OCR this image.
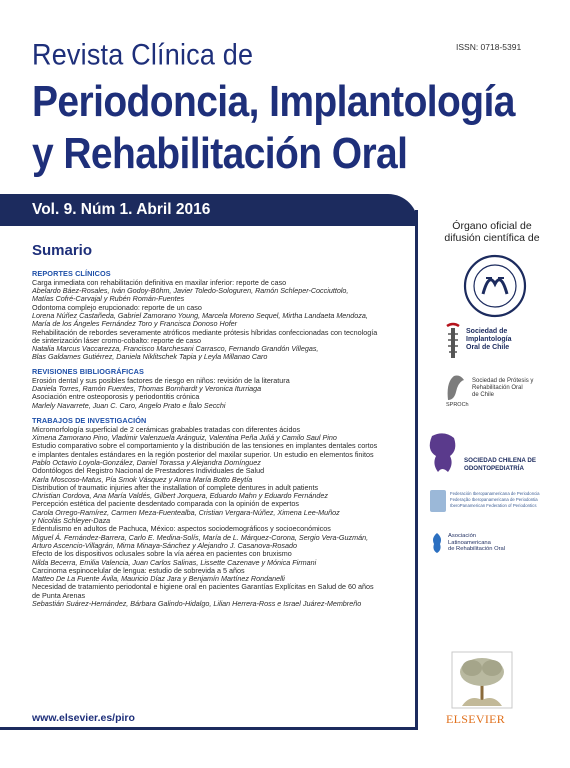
ISSN: 0718-5391
Revista Clínica de
Periodoncia, Implantología
y Rehabilitación Oral
Vol. 9. Núm 1. Abril 2016
Sumario
REPORTES CLÍNICOS
Carga inmediata con rehabilitación definitiva en maxilar inferior: reporte de caso
Abelardo Báez-Rosales, Iván Godoy-Böhm, Javier Toledo-Sologuren, Ramón Schleper-Cocciuttolo,
Matías Cofré-Carvajal y Rubén Román-Fuentes
Odontoma complejo erupcionado: reporte de un caso
Lorena Núñez Castañeda, Gabriel Zamorano Young, Marcela Moreno Sequel, Mirtha Landaeta Mendoza,
María de los Ángeles Fernández Toro y Francisca Donoso Hofer
Rehabilitación de rebordes severamente atróficos mediante prótesis híbridas confeccionadas con tecnología
de sinterización láser cromo-cobalto: reporte de caso
Natalia Marcus Vaccarezza, Francisco Marchesani Carrasco, Fernando Grandón Villegas,
Blas Galdames Gutiérrez, Daniela Niklitschek Tapia y Leyla Millanao Caro
REVISIONES BIBLIOGRÁFICAS
Erosión dental y sus posibles factores de riesgo en niños: revisión de la literatura
Daniela Torres, Ramón Fuentes, Thomas Bornhardt y Veronica Iturriaga
Asociación entre osteoporosis y periodontitis crónica
Marlely Navarrete, Juan C. Caro, Angelo Prato e Ítalo Secchi
TRABAJOS DE INVESTIGACIÓN
Micromorfología superficial de 2 cerámicas grabables tratadas con diferentes ácidos
Ximena Zamorano Pino, Vladimir Valenzuela Aránguiz, Valentina Peña Juliá y Camilo Saul Pino
Estudio comparativo sobre el comportamiento y la distribución de las tensiones en implantes dentales cortos
e implantes dentales estándares en la región posterior del maxilar superior. Un estudio en elementos finitos
Pablo Octavio Loyola-González, Daniel Torassa y Alejandra Domínguez
Odontólogos del Registro Nacional de Prestadores Individuales de Salud
Karla Moscoso-Matus, Pía Smok Vásquez y Anna María Botto Beytía
Distribution of traumatic injuries after the installation of complete dentures in adult patients
Christian Cordova, Ana María Valdés, Gilbert Jorquera, Eduardo Mahn y Eduardo Fernández
Percepción estética del paciente desdentado comparada con la opinión de expertos
Carola Orrego-Ramírez, Carmen Meza-Fuentealba, Cristian Vergara-Núñez, Ximena Lee-Muñoz
y Nicolás Schleyer-Daza
Edentulismo en adultos de Pachuca, México: aspectos sociodemográficos y socioeconómicos
Miguel Á. Fernández-Barrera, Carlo E. Medina-Solís, María de L. Márquez-Corona, Sergio Vera-Guzmán,
Arturo Ascencio-Villagrán, Mirna Minaya-Sánchez y Alejandro J. Casanova-Rosado
Efecto de los dispositivos oclusales sobre la vía aérea en pacientes con bruxismo
Nilda Becerra, Emilia Valencia, Juan Carlos Salinas, Lissette Cazenave y Mónica Firmani
Carcinoma espinocelular de lengua: estudio de sobrevida a 5 años
Matteo De La Fuente Ávila, Mauricio Díaz Jara y Benjamín Martínez Rondanelli
Necesidad de tratamiento periodontal e higiene oral en pacientes Garantías Explícitas en Salud de 60 años
de Punta Arenas
Sebastián Suárez-Hernández, Bárbara Galindo-Hidalgo, Lilian Herrera-Ross e Israel Juárez-Membreño
www.elsevier.es/piro
Órgano oficial de
difusión científica de
Sociedad de
Implantología
Oral de Chile
SPROCh
Sociedad de Prótesis y
Rehabilitación Oral
de Chile
SOCIEDAD CHILENA DE
ODONTOPEDIATRÍA
Federación Iberopanamericana de Periodoncia
Federação Iberopanamericana de Periodontia
IberoPanamerican Federation of Periodontics
Asociación
Latinoamericana
de Rehabilitación Oral
ELSEVIER
